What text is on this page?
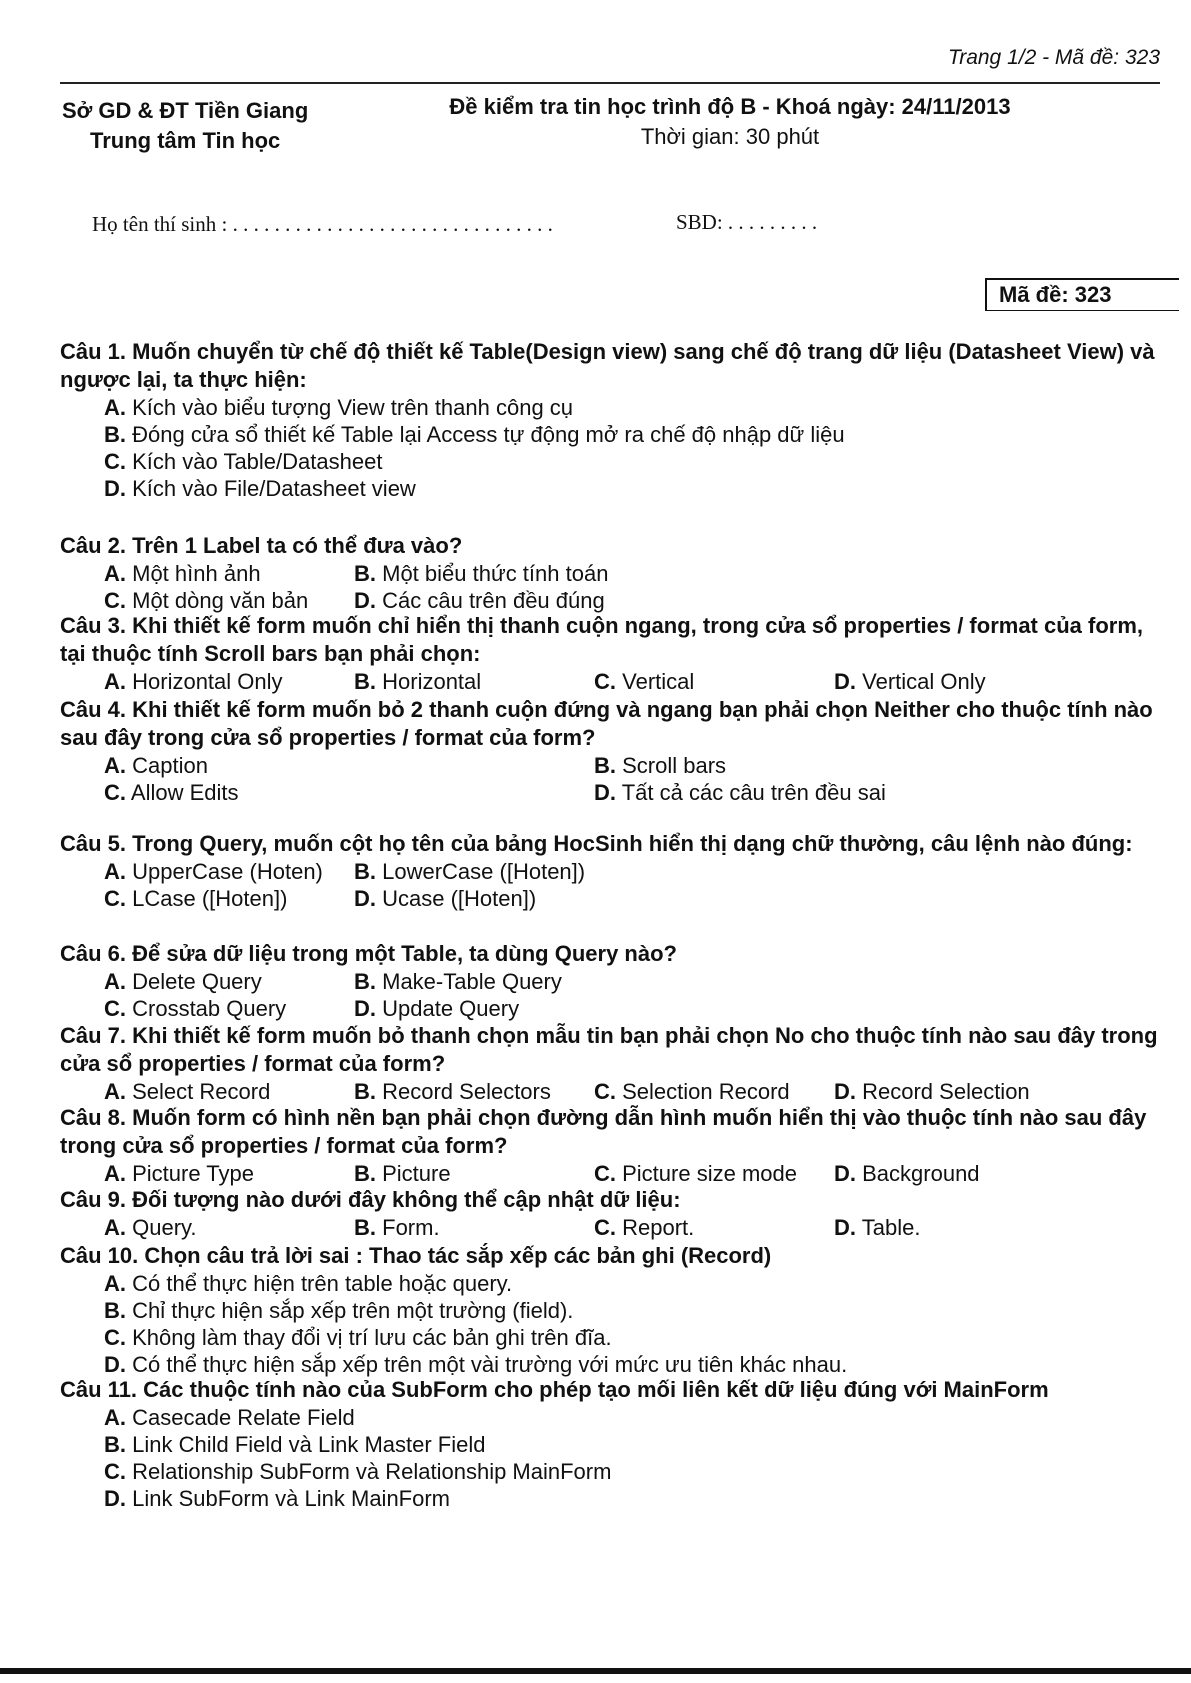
Trang 1/2 - Mã đề: 323
Sở GD & ĐT Tiền Giang
Trung tâm Tin học
Đề kiểm tra tin học trình độ B - Khoá ngày: 24/11/2013
Thời gian: 30 phút
Họ tên thí sinh : . . . . . . . . . . . . . . . . . . . . . . . . . . . . . . .	SBD: . . . . . . . . .
Mã đề: 323
Câu 1. Muốn chuyển từ chế độ thiết kế Table(Design view) sang chế độ trang dữ liệu (Datasheet View) và ngược lại, ta thực hiện:
A. Kích vào biểu tượng View trên thanh công cụ
B. Đóng cửa sổ thiết kế Table lại Access tự động mở ra chế độ nhập dữ liệu
C. Kích vào Table/Datasheet
D. Kích vào File/Datasheet view
Câu 2. Trên 1 Label ta có thể đưa vào?
A. Một hình ảnh	B. Một biểu thức tính toán
C. Một dòng văn bản D. Các câu trên đều đúng
Câu 3. Khi thiết kế form muốn chỉ hiển thị thanh cuộn ngang, trong cửa sổ properties / format của form, tại thuộc tính Scroll bars bạn phải chọn:
A. Horizontal Only	B. Horizontal	C. Vertical	D. Vertical Only
Câu 4. Khi thiết kế form muốn bỏ 2 thanh cuộn đứng và ngang bạn phải chọn Neither cho thuộc tính nào sau đây trong cửa sổ properties / format của form?
A. Caption	B. Scroll bars
C. Allow Edits	D. Tất cả các câu trên đều sai
Câu 5. Trong Query, muốn cột họ tên của bảng HocSinh hiển thị dạng chữ thường, câu lệnh nào đúng:
A. UpperCase (Hoten) B. LowerCase ([Hoten])
C. LCase ([Hoten])	D. Ucase ([Hoten])
Câu 6. Để sửa dữ liệu trong một Table, ta dùng Query nào?
A. Delete Query	B. Make-Table Query
C. Crosstab Query	D. Update Query
Câu 7. Khi thiết kế form muốn bỏ thanh chọn mẫu tin bạn phải chọn No cho thuộc tính nào sau đây trong cửa sổ properties / format của form?
A. Select Record	B. Record Selectors C. Selection Record D. Record Selection
Câu 8. Muốn form có hình nền bạn phải chọn đường dẫn hình muốn hiển thị vào thuộc tính nào sau đây trong cửa sổ properties / format của form?
A. Picture Type	B. Picture	C. Picture size mode D. Background
Câu 9. Đối tượng nào dưới đây không thể cập nhật dữ liệu:
A. Query.	B. Form.	C. Report.	D. Table.
Câu 10. Chọn câu trả lời sai : Thao tác sắp xếp các bản ghi (Record)
A. Có thể thực hiện trên table hoặc query.
B. Chỉ thực hiện sắp xếp trên một trường (field).
C. Không làm thay đổi vị trí lưu các bản ghi trên đĩa.
D. Có thể thực hiện sắp xếp trên một vài trường với mức ưu tiên khác nhau.
Câu 11. Các thuộc tính nào của SubForm cho phép tạo mối liên kết dữ liệu đúng với MainForm
A. Casecade Relate Field
B. Link Child Field và Link Master Field
C. Relationship SubForm và Relationship MainForm
D. Link SubForm và Link MainForm
